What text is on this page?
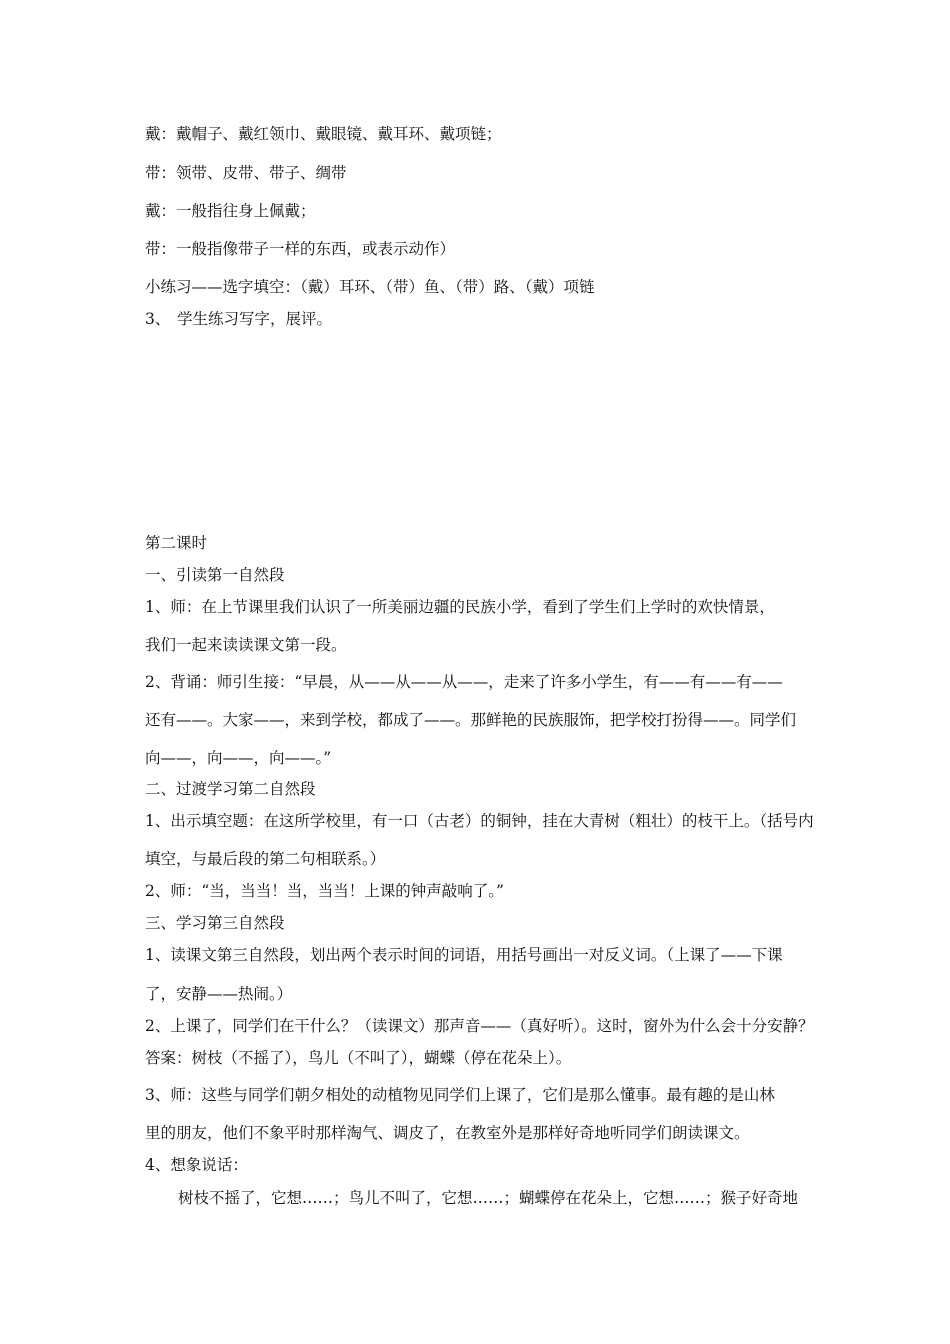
戴：戴帽子、戴红领巾、戴眼镜、戴耳环、戴项链；
带：领带、皮带、带子、绸带
戴：一般指往身上佩戴；
带：一般指像带子一样的东西，或表示动作）
小练习——选字填空：（戴）耳环、（带）鱼、（带）路、（戴）项链
3、 学生练习写字，展评。
第二课时
一、引读第一自然段
1、师：在上节课里我们认识了一所美丽边疆的民族小学，看到了学生们上学时的欢快情景，
我们一起来读读课文第一段。
2、背诵：师引生接：“早晨，从——从——从——，走来了许多小学生，有——有——有——
还有——。大家——，来到学校，都成了——。那鲜艳的民族服饰，把学校打扮得——。同学们
向——，向——，向——。”
二、过渡学习第二自然段
1、出示填空题：在这所学校里，有一口（古老）的铜钟，挂在大青树（粗壮）的枝干上。（括号内
填空，与最后段的第二句相联系。）
2、师：“当，当当！当，当当！上课的钟声敲响了。”
三、学习第三自然段
1、读课文第三自然段，划出两个表示时间的词语，用括号画出一对反义词。（上课了——下课
了，安静——热闹。）
2、上课了，同学们在干什么？（读课文）那声音——（真好听）。这时，窗外为什么会十分安静？
答案：树枝（不摇了），鸟儿（不叫了），蝴蝶（停在花朵上）。
3、师：这些与同学们朝夕相处的动植物见同学们上课了，它们是那么懂事。最有趣的是山林
里的朋友，他们不象平时那样淘气、调皮了，在教室外是那样好奇地听同学们朗读课文。
4、想象说话：
树枝不摇了，它想……；鸟儿不叫了，它想……；蝴蝶停在花朵上，它想……；猴子好奇地
